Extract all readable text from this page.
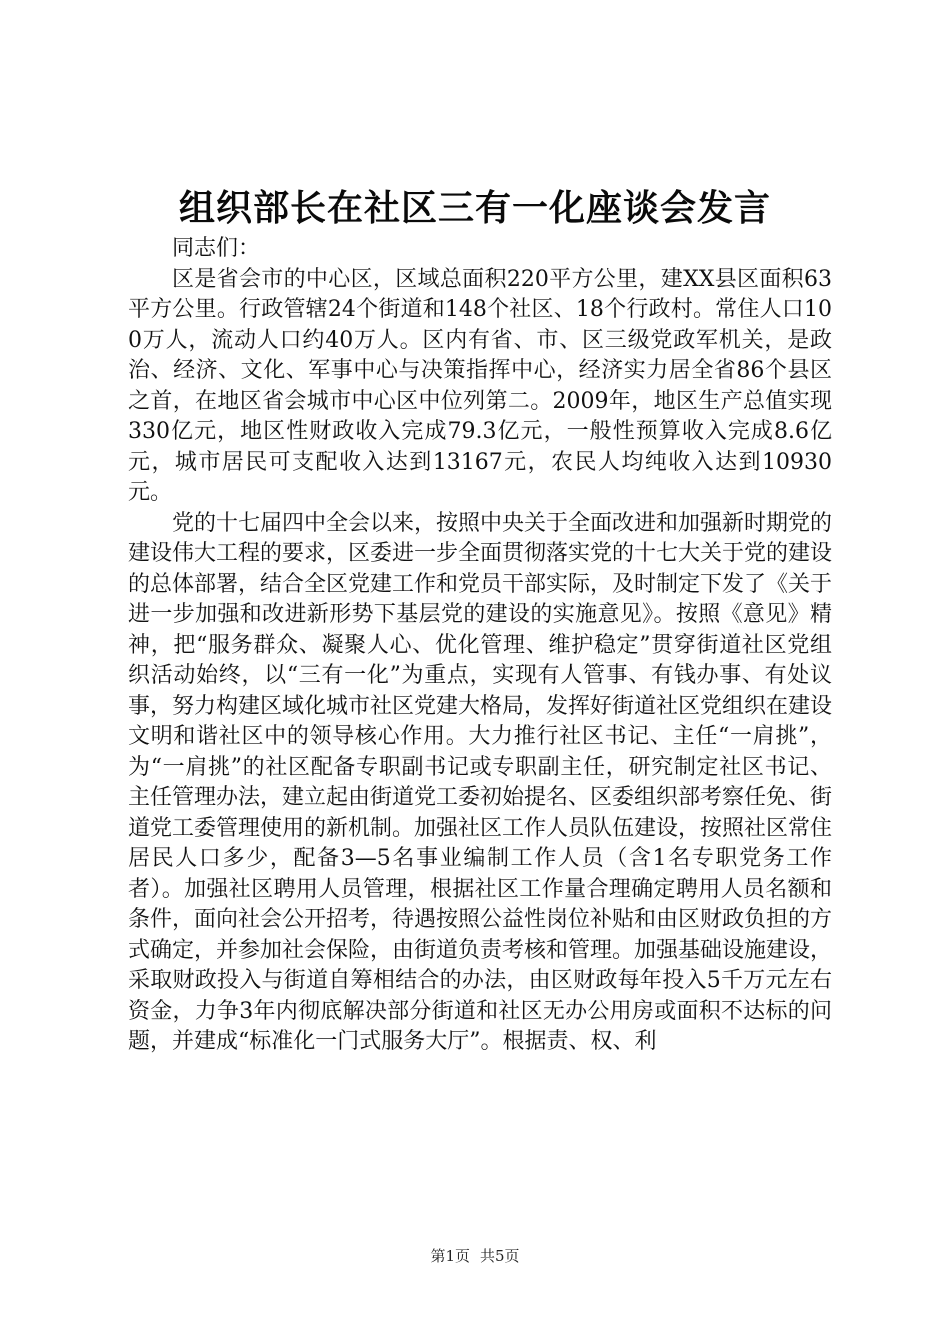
组织部长在社区三有一化座谈会发言

同志们：

区是省会市的中心区，区域总面积220平方公里，建XX县区面积63平方公里。行政管辖24个街道和148个社区、18个行政村。常住人口100万人，流动人口约40万人。区内有省、市、区三级党政军机关，是政治、经济、文化、军事中心与决策指挥中心，经济实力居全省86个县区之首，在地区省会城市中心区中位列第二。2009年，地区生产总值实现330亿元，地区性财政收入完成79.3亿元，一般性预算收入完成8.6亿元，城市居民可支配收入达到13167元，农民人均纯收入达到10930元。

党的十七届四中全会以来，按照中央关于全面改进和加强新时期党的建设伟大工程的要求，区委进一步全面贯彻落实党的十七大关于党的建设的总体部署，结合全区党建工作和党员干部实际，及时制定下发了《关于进一步加强和改进新形势下基层党的建设的实施意见》。按照《意见》精神，把“服务群众、凝聚人心、优化管理、维护稳定”贯穿街道社区党组织活动始终，以“三有一化”为重点，实现有人管事、有钱办事、有处议事，努力构建区域化城市社区党建大格局，发挥好街道社区党组织在建设文明和谐社区中的领导核心作用。大力推行社区书记、主任“一肩挑”，为“一肩挑”的社区配备专职副书记或专职副主任，研究制定社区书记、主任管理办法，建立起由街道党工委初始提名、区委组织部考察任免、街道党工委管理使用的新机制。加强社区工作人员队伍建设，按照社区常住居民人口多少，配备3—5名事业编制工作人员（含1名专职党务工作者）。加强社区聘用人员管理，根据社区工作量合理确定聘用人员名额和条件，面向社会公开招考，待遇按照公益性岗位补贴和由区财政负担的方式确定，并参加社会保险，由街道负责考核和管理。加强基础设施建设，采取财政投入与街道自筹相结合的办法，由区财政每年投入5千万元左右资金，力争3年内彻底解决部分街道和社区无办公用房或面积不达标的问题，并建成“标准化一门式服务大厅”。根据责、权、利

第1页 共5页
